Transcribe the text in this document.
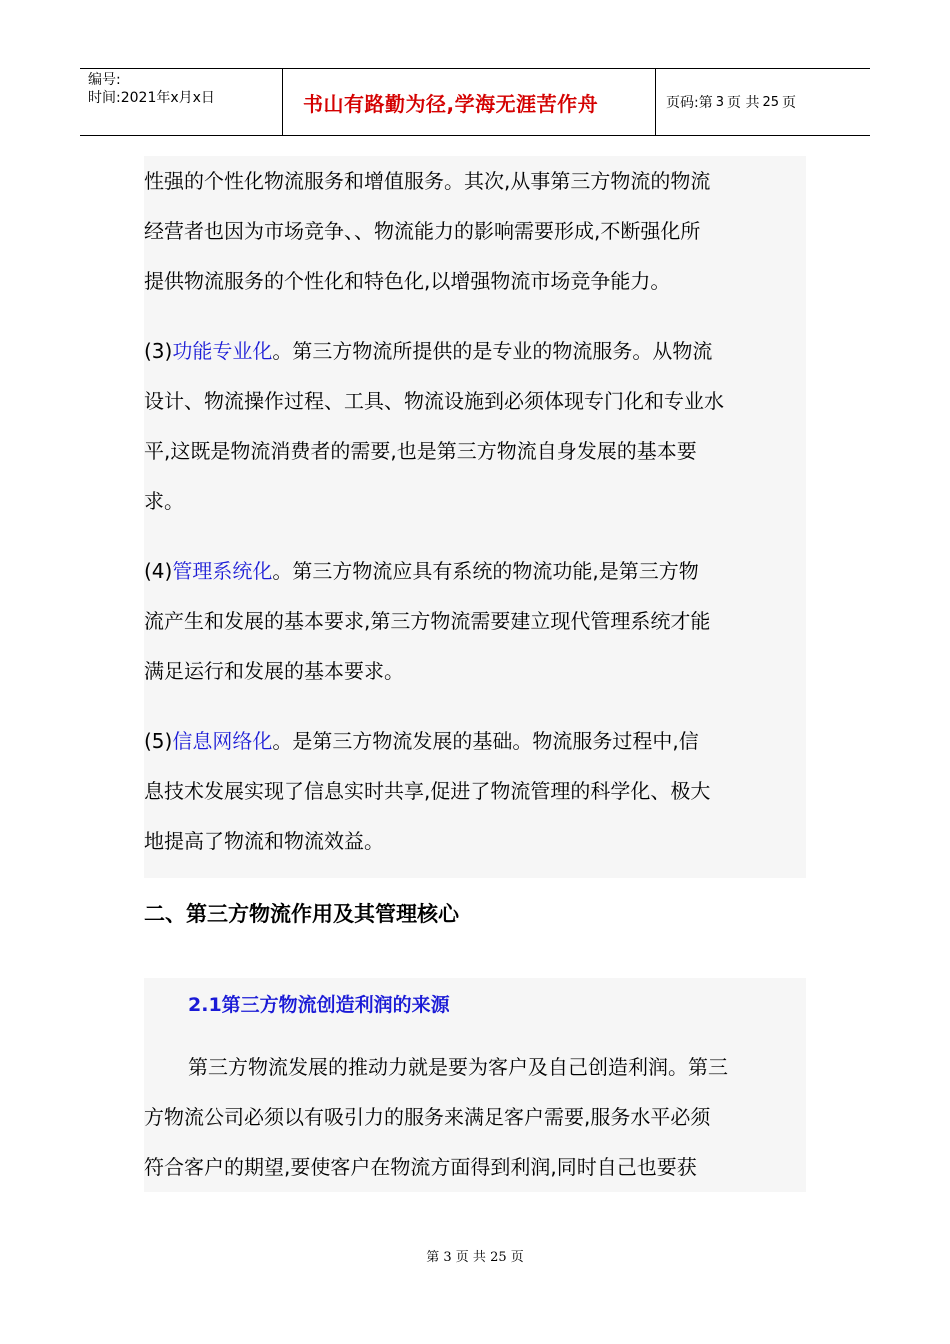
编号:
时间:2021年x月x日	书山有路勤为径,学海无涯苦作舟	页码:第 3 页 共 25 页

性强的个性化物流服务和增值服务。其次,从事第三方物流的物流

经营者也因为市场竞争、、物流能力的影响需要形成,不断强化所

提供物流服务的个性化和特色化,以增强物流市场竞争能力。

(3)功能专业化。第三方物流所提供的是专业的物流服务。从物流

设计、物流操作过程、工具、物流设施到必须体现专门化和专业水

平,这既是物流消费者的需要,也是第三方物流自身发展的基本要

求。

(4)管理系统化。第三方物流应具有系统的物流功能,是第三方物

流产生和发展的基本要求,第三方物流需要建立现代管理系统才能

满足运行和发展的基本要求。

(5)信息网络化。是第三方物流发展的基础。物流服务过程中,信

息技术发展实现了信息实时共享,促进了物流管理的科学化、极大

地提高了物流和物流效益。

二、第三方物流作用及其管理核心
2.1第三方物流创造利润的来源

第三方物流发展的推动力就是要为客户及自己创造利润。第三

方物流公司必须以有吸引力的服务来满足客户需要,服务水平必须

符合客户的期望,要使客户在物流方面得到利润,同时自己也要获

第 3 页 共 25 页
